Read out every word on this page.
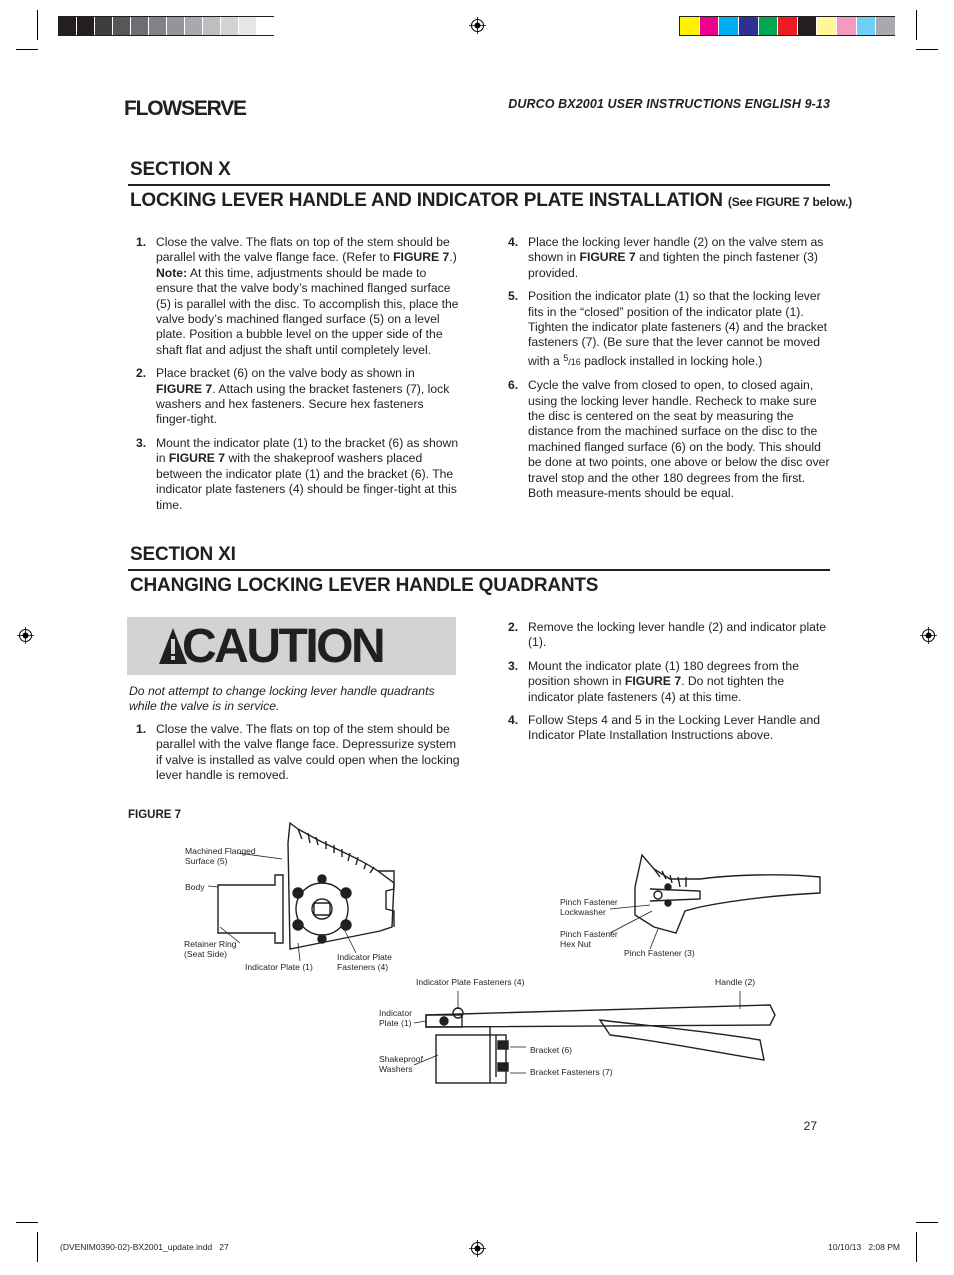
FLOWSERVE	DURCO BX2001 USER INSTRUCTIONS ENGLISH 9-13
SECTION X
LOCKING LEVER HANDLE AND INDICATOR PLATE INSTALLATION (See FIGURE 7 below.)
1. Close the valve. The flats on top of the stem should be parallel with the valve flange face. (Refer to FIGURE 7.)
Note: At this time, adjustments should be made to ensure that the valve body’s machined flanged surface (5) is parallel with the disc. To accomplish this, place the valve body’s machined flanged surface (5) on a level plate. Position a bubble level on the upper side of the shaft flat and adjust the shaft until completely level.
2. Place bracket (6) on the valve body as shown in FIGURE 7. Attach using the bracket fasteners (7), lock washers and hex fasteners. Secure hex fasteners finger-tight.
3. Mount the indicator plate (1) to the bracket (6) as shown in FIGURE 7 with the shakeproof washers placed between the indicator plate (1) and the bracket (6). The indicator plate fasteners (4) should be finger-tight at this time.
4. Place the locking lever handle (2) on the valve stem as shown in FIGURE 7 and tighten the pinch fastener (3) provided.
5. Position the indicator plate (1) so that the locking lever fits in the “closed” position of the indicator plate (1). Tighten the indicator plate fasteners (4) and the bracket fasteners (7). (Be sure that the lever cannot be moved with a $^5$/16 padlock installed in locking hole.)
6. Cycle the valve from closed to open, to closed again, using the locking lever handle. Recheck to make sure the disc is centered on the seat by measuring the distance from the machined surface on the disc to the machined flanged surface (6) on the body. This should be done at two points, one above or below the disc over travel stop and the other 180 degrees from the first. Both measure-ments should be equal.
SECTION XI
CHANGING LOCKING LEVER HANDLE QUADRANTS
CAUTION
Do not attempt to change locking lever handle quadrants while the valve is in service.
1. Close the valve. The flats on top of the stem should be parallel with the valve flange face. Depressurize system if valve is installed as valve could open when the locking lever handle is removed.
2. Remove the locking lever handle (2) and indicator plate (1).
3. Mount the indicator plate (1) 180 degrees from the position shown in FIGURE 7. Do not tighten the indicator plate fasteners (4) at this time.
4. Follow Steps 4 and 5 in the Locking Lever Handle and Indicator Plate Installation Instructions above.
FIGURE 7
Machined Flanged
Surface (5)
Body
Retainer Ring
(Seat Side)
Indicator Plate (1)
Indicator Plate
Fasteners (4)
Pinch Fastener
Lockwasher
Pinch Fastener
Hex Nut
Pinch Fastener (3)
Indicator Plate Fasteners (4)	Handle (2)
Indicator
Plate (1)
Bracket (6)
Shakeproof
Washers	Bracket Fasteners (7)
27
(DVENIM0390-02)-BX2001_update.indd   27	10/10/13   2:08 PM
